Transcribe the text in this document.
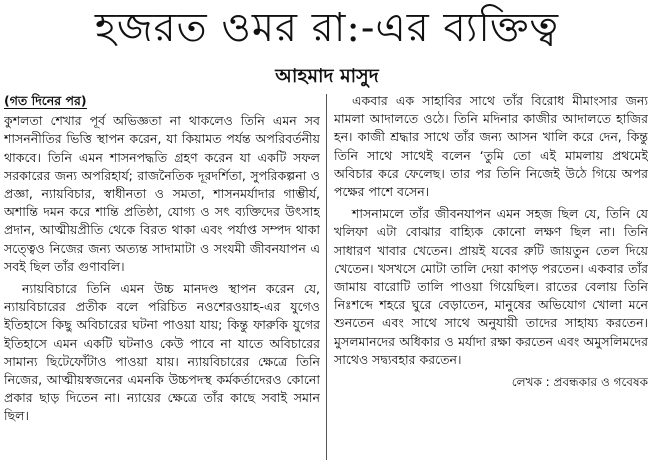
হজরত ওমর রা:-এর ব্যক্তিত্ব
আহমাদ মাসুদ
(গত দিনের পর)

কুশলতা শেখার পূর্ব অভিজ্ঞতা না থাকলেও তিনি এমন সব শাসননীতির ভিত্তি স্থাপন করেন, যা কিয়ামত পর্যন্ত অপরিবর্তনীয় থাকবে। তিনি এমন শাসনপদ্ধতি গ্রহণ করেন যা একটি সফল সরকারের জন্য অপরিহার্য; রাজনৈতিক দূরদর্শিতা, সুপরিকল্পনা ও প্রজ্ঞা, ন্যায়বিচার, স্বাধীনতা ও সমতা, শাসনমর্যাদার গাম্ভীর্য, অশান্তি দমন করে শান্তি প্রতিষ্ঠা, যোগ্য ও সৎ ব্যক্তিদের উৎসাহ প্রদান, আত্মীয়প্রীতি থেকে বিরত থাকা এবং পর্যাপ্ত সম্পদ থাকা সত্ত্বেও নিজের জন্য অত্যন্ত সাদামাটা ও সংযমী জীবনযাপন এ সবই ছিল তাঁর গুণাবলি।

ন্যায়বিচারে তিনি এমন উচ্চ মানদণ্ড স্থাপন করেন যে, ন্যায়বিচারের প্রতীক বলে পরিচিত নওশেরওয়াহ-এর যুগেও ইতিহাসে কিছু অবিচারের ঘটনা পাওয়া যায়; কিন্তু ফারুকি যুগের ইতিহাসে এমন একটি ঘটনাও কেউ পাবে না যাতে অবিচারের সামান্য ছিটেফোঁটাও পাওয়া যায়। ন্যায়বিচারের ক্ষেত্রে তিনি নিজের, আত্মীয়স্বজনের এমনকি উচ্চপদস্থ কর্মকর্তাদেরও কোনো প্রকার ছাড় দিতেন না। ন্যায়ের ক্ষেত্রে তাঁর কাছে সবাই সমান ছিল।

একবার এক সাহাবির সাথে তাঁর বিরোধ মীমাংসার জন্য মামলা আদালতে ওঠে। তিনি মদিনার কাজীর আদালতে হাজির হন। কাজী শ্রদ্ধার সাথে তাঁর জন্য আসন খালি করে দেন, কিন্তু তিনি সাথে সাথেই বলেন ‘তুমি তো এই মামলায় প্রথমেই অবিচার করে ফেলেছ। তার পর তিনি নিজেই উঠে গিয়ে অপর পক্ষের পাশে বসেন।

শাসনামলে তাঁর জীবনযাপন এমন সহজ ছিল যে, তিনি যে খলিফা এটা বোঝার বাহ্যিক কোনো লক্ষণ ছিল না। তিনি সাধারণ খাবার খেতেন। প্রায়ই যবের রুটি জায়তুন তেল দিয়ে খেতেন। খসখসে মোটা তালি দেয়া কাপড় পরতেন। একবার তাঁর জামায় বারোটি তালি পাওয়া গিয়েছিল। রাতের বেলায় তিনি নিঃশব্দে শহরে ঘুরে বেড়াতেন, মানুষের অভিযোগ খোলা মনে শুনতেন এবং সাথে সাথে অনুযায়ী তাদের সাহায্য করতেন। মুসলমানদের অধিকার ও মর্যাদা রক্ষা করতেন এবং অমুসলিমদের সাথেও সদ্ব্যবহার করতেন।

লেখক : প্রবন্ধকার ও গবেষক
